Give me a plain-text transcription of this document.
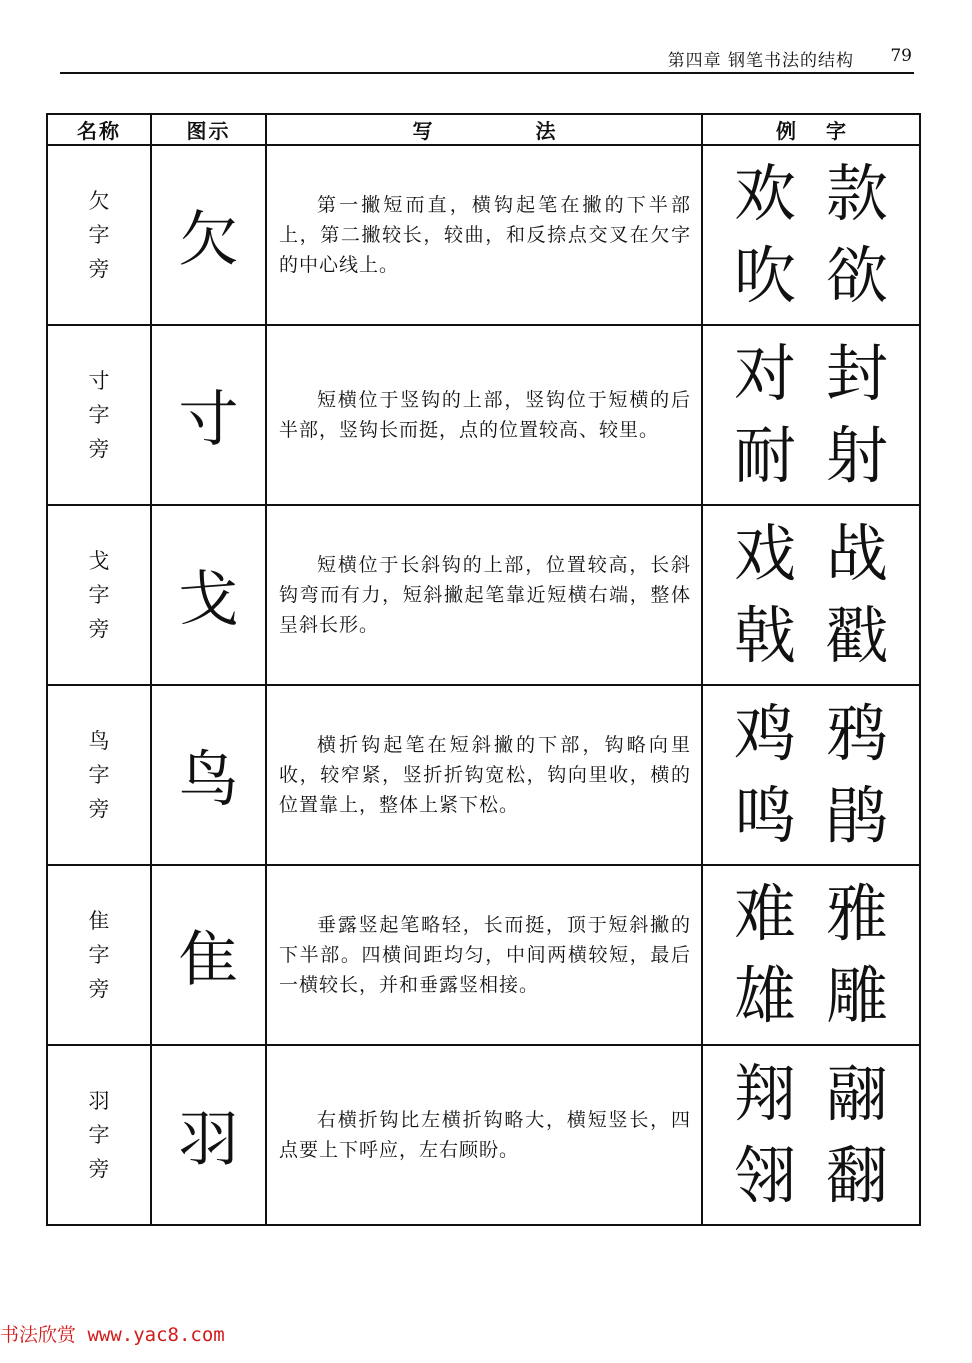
第四章 钢笔书法的结构 79
名称	图示	写 法	例字
欠字旁	欠	第一撇短而直，横钩起笔在撇的下半部上，第二撇较长，较曲，和反捺点交叉在欠字的中心线上。	欢 款
吹 欲

寸字旁	寸	短横位于竖钩的上部，竖钩位于短横的后半部，竖钩长而挺，点的位置较高、较里。	对 封
耐 射

戈字旁	戈	短横位于长斜钩的上部，位置较高，长斜钩弯而有力，短斜撇起笔靠近短横右端，整体呈斜长形。	戏 战
戟 戳

鸟字旁	鸟	横折钩起笔在短斜撇的下部，钩略向里收，较窄紧，竖折折钩宽松，钩向里收，横的位置靠上，整体上紧下松。	鸡 鸦
鸣 鹃

隹字旁	隹	垂露竖起笔略轻，长而挺，顶于短斜撇的下半部。四横间距均匀，中间两横较短，最后一横较长，并和垂露竖相接。	难 雅
雄 雕

羽字旁	羽	右横折钩比左横折钩略大，横短竖长，四点要上下呼应，左右顾盼。	翔 翮
翎 翻
书法欣赏 www.yac8.com
